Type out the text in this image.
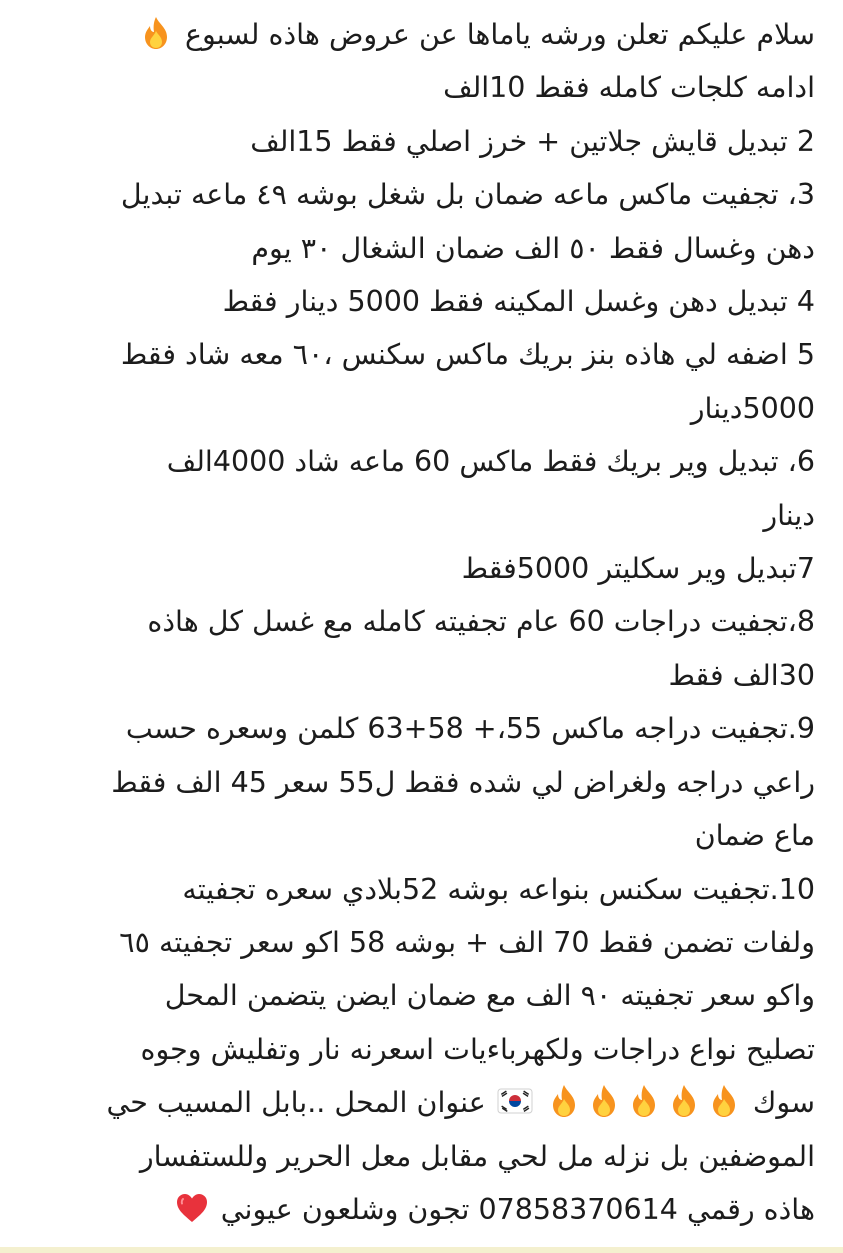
سلام عليكم تعلن ورشه ياماها عن عروض هاذه لسبوع
ادامه كلجات كامله فقط 10الف
2 تبديل قايش جلاتين + خرز اصلي فقط 15الف
3، تجفيت ماكس ماعه ضمان بل شغل بوشه ٤٩ ماعه تبديل
دهن وغسال فقط ٥٠ الف ضمان الشغال ٣٠ يوم
4 تبديل دهن وغسل المكينه فقط 5000 دينار فقط
5 اضفه لي هاذه بنز بريك ماكس سكنس ،٦٠ معه شاد فقط
5000دينار
6، تبديل وير بريك فقط ماكس 60 ماعه شاد 4000الف
دينار
7تبديل وير سكليتر 5000فقط
8،تجفيت دراجات 60 عام تجفيته كامله مع غسل كل هاذه
30الف فقط
9.تجفيت دراجه ماكس 55،+ 58+63 كلمن وسعره حسب
راعي دراجه ولغراض لي شده فقط ل55 سعر 45 الف فقط
ماع ضمان
10.تجفيت سكنس بنواعه بوشه 52بلادي سعره تجفيته
ولفات تضمن فقط 70 الف + بوشه 58 اكو سعر تجفيته ٦٥
واكو سعر تجفيته ٩٠ الف مع ضمان ايضن يتضمن المحل
تصليح نواع دراجات ولكهرباءيات اسعرنه نار وتفليش وجوه
سوك

عنوان المحل ..بابل المسيب حي
الموضفين بل نزله مل لحي مقابل معل الحرير وللستفسار
هاذه رقمي 07858370614 تجون وشلعون عيوني
